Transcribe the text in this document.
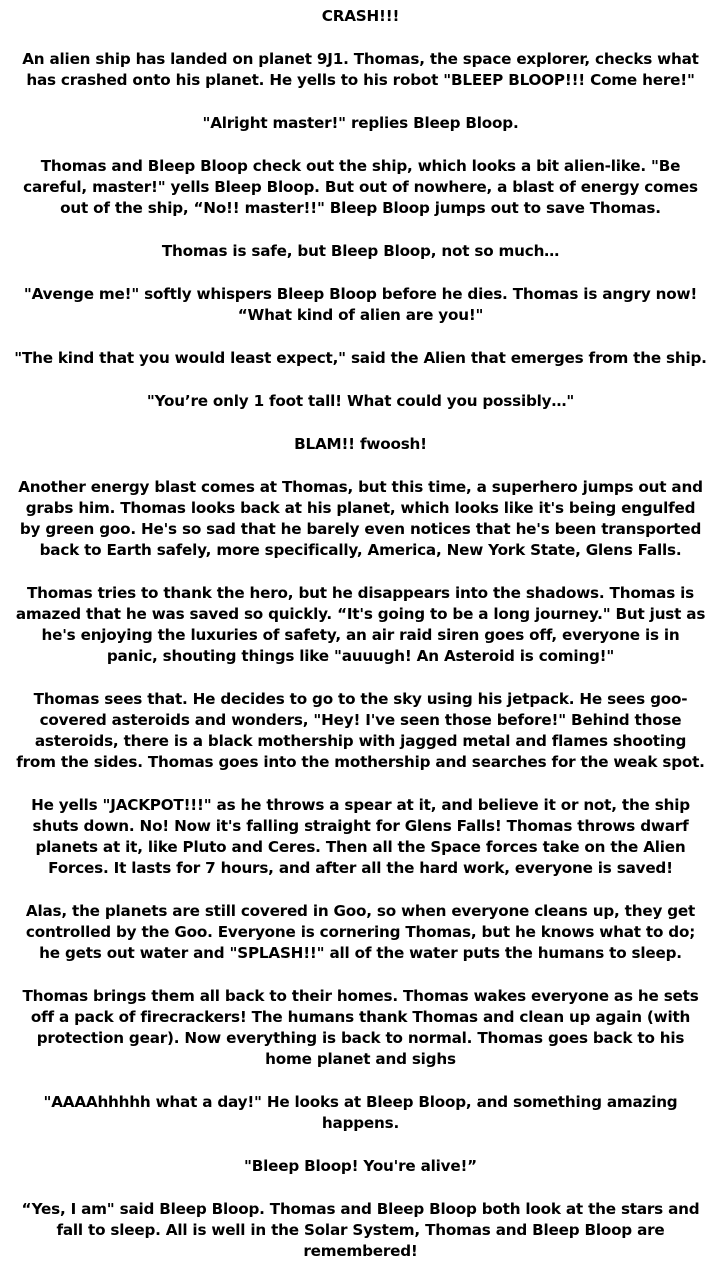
CRASH!!!

An alien ship has landed on planet 9J1. Thomas, the space explorer, checks what has crashed onto his planet. He yells to his robot "BLEEP BLOOP!!! Come here!"

"Alright master!" replies Bleep Bloop.

Thomas and Bleep Bloop check out the ship, which looks a bit alien-like. "Be careful, master!" yells Bleep Bloop. But out of nowhere, a blast of energy comes out of the ship, “No!! master!!" Bleep Bloop jumps out to save Thomas.

Thomas is safe, but Bleep Bloop, not so much…

"Avenge me!" softly whispers Bleep Bloop before he dies. Thomas is angry now! “What kind of alien are you!"

"The kind that you would least expect," said the Alien that emerges from the ship.

"You’re only 1 foot tall! What could you possibly…"

BLAM!! fwoosh!

Another energy blast comes at Thomas, but this time, a superhero jumps out and grabs him. Thomas looks back at his planet, which looks like it's being engulfed by green goo. He's so sad that he barely even notices that he's been transported back to Earth safely, more specifically, America, New York State, Glens Falls.

Thomas tries to thank the hero, but he disappears into the shadows. Thomas is amazed that he was saved so quickly. “It's going to be a long journey." But just as he's enjoying the luxuries of safety, an air raid siren goes off, everyone is in panic, shouting things like "auuugh! An Asteroid is coming!"

Thomas sees that. He decides to go to the sky using his jetpack. He sees goo-covered asteroids and wonders, "Hey! I've seen those before!" Behind those asteroids, there is a black mothership with jagged metal and flames shooting from the sides. Thomas goes into the mothership and searches for the weak spot.

He yells "JACKPOT!!!" as he throws a spear at it, and believe it or not, the ship shuts down. No! Now it's falling straight for Glens Falls! Thomas throws dwarf planets at it, like Pluto and Ceres. Then all the Space forces take on the Alien Forces. It lasts for 7 hours, and after all the hard work, everyone is saved!

Alas, the planets are still covered in Goo, so when everyone cleans up, they get controlled by the Goo. Everyone is cornering Thomas, but he knows what to do; he gets out water and "SPLASH!!" all of the water puts the humans to sleep.

Thomas brings them all back to their homes. Thomas wakes everyone as he sets off a pack of firecrackers! The humans thank Thomas and clean up again (with protection gear). Now everything is back to normal. Thomas goes back to his home planet and sighs

"AAAAhhhhh what a day!" He looks at Bleep Bloop, and something amazing happens.

"Bleep Bloop! You're alive!”

“Yes, I am" said Bleep Bloop. Thomas and Bleep Bloop both look at the stars and fall to sleep. All is well in the Solar System, Thomas and Bleep Bloop are remembered!
